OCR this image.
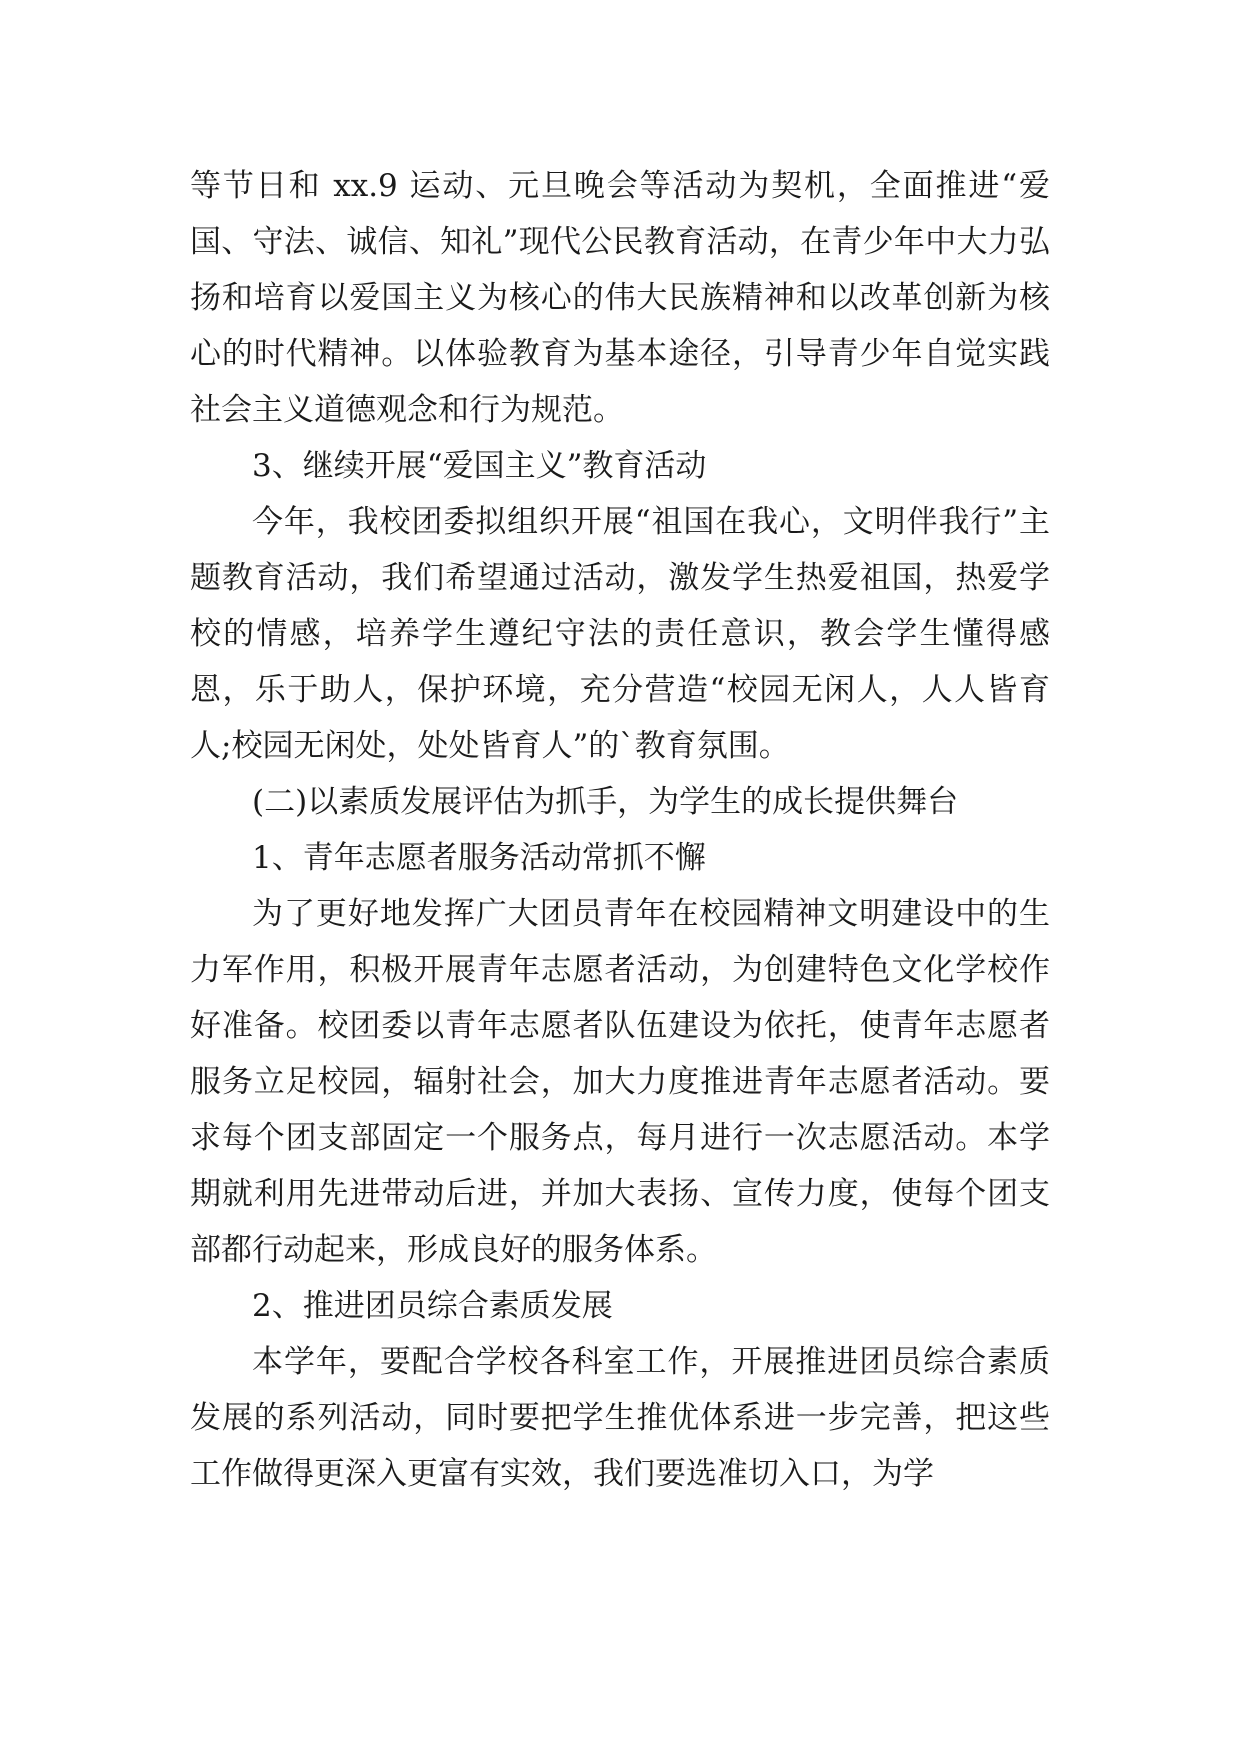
等节日和 xx.9 运动、元旦晚会等活动为契机，全面推进“爱国、守法、诚信、知礼”现代公民教育活动，在青少年中大力弘扬和培育以爱国主义为核心的伟大民族精神和以改革创新为核心的时代精神。以体验教育为基本途径，引导青少年自觉实践社会主义道德观念和行为规范。

3、继续开展“爱国主义”教育活动

今年，我校团委拟组织开展“祖国在我心，文明伴我行”主题教育活动，我们希望通过活动，激发学生热爱祖国，热爱学校的情感，培养学生遵纪守法的责任意识，教会学生懂得感恩，乐于助人，保护环境，充分营造“校园无闲人，人人皆育人;校园无闲处，处处皆育人”的`教育氛围。

(二)以素质发展评估为抓手，为学生的成长提供舞台

1、青年志愿者服务活动常抓不懈

为了更好地发挥广大团员青年在校园精神文明建设中的生力军作用，积极开展青年志愿者活动，为创建特色文化学校作好准备。校团委以青年志愿者队伍建设为依托，使青年志愿者服务立足校园，辐射社会，加大力度推进青年志愿者活动。要求每个团支部固定一个服务点，每月进行一次志愿活动。本学期就利用先进带动后进，并加大表扬、宣传力度，使每个团支部都行动起来，形成良好的服务体系。

2、推进团员综合素质发展

本学年，要配合学校各科室工作，开展推进团员综合素质发展的系列活动，同时要把学生推优体系进一步完善，把这些工作做得更深入更富有实效，我们要选准切入口，为学
